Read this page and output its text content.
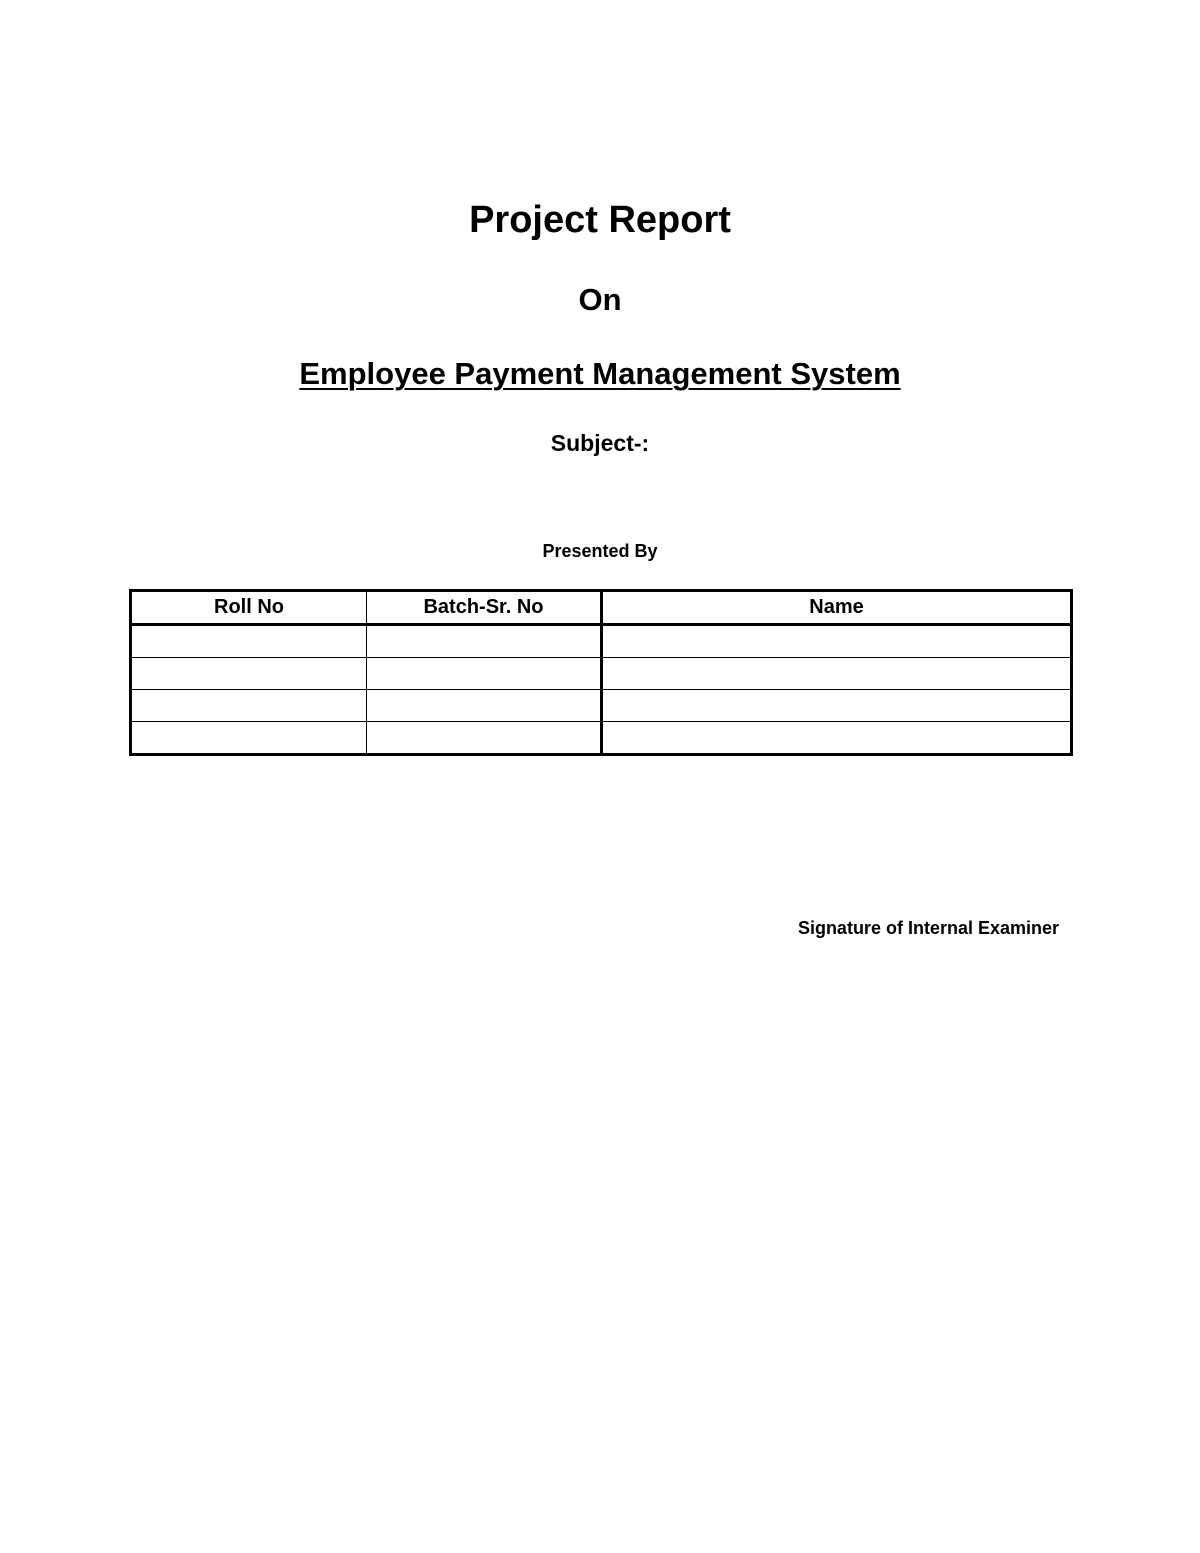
Project Report
On
Employee Payment Management System
Subject-:
Presented By
Roll No	Batch-Sr. No	Name

Signature of Internal Examiner
